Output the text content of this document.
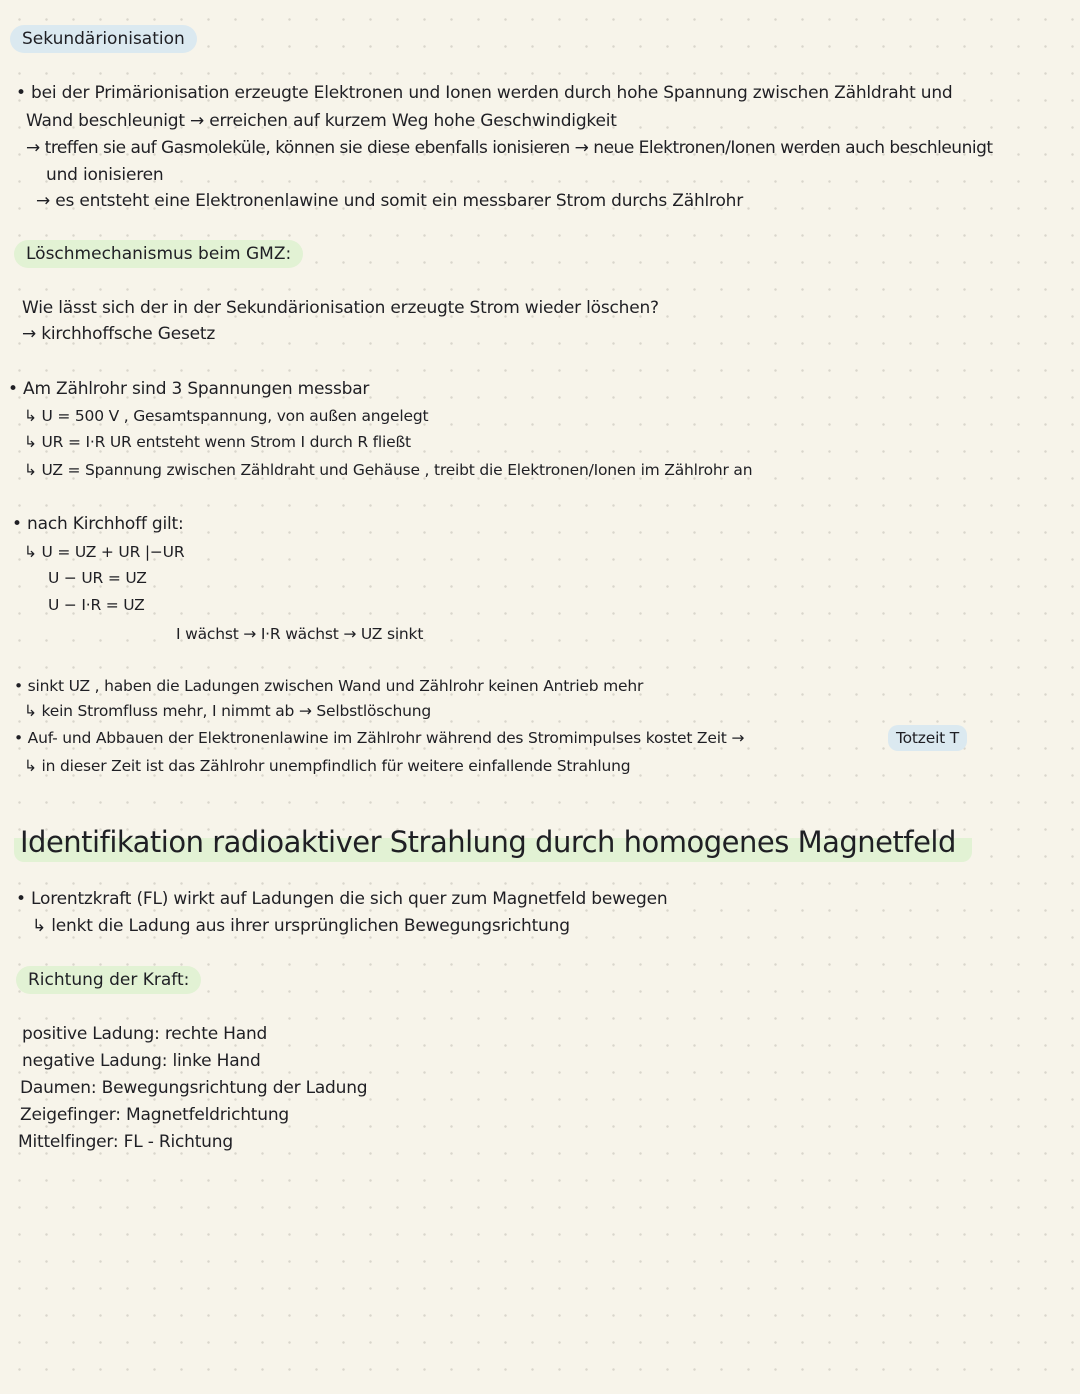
Sekundärionisation
• bei der Primärionisation erzeugte Elektronen und Ionen werden durch hohe Spannung zwischen Zähldraht und
Wand beschleunigt → erreichen auf kurzem Weg hohe Geschwindigkeit
→ treffen sie auf Gasmoleküle, können sie diese ebenfalls ionisieren → neue Elektronen/Ionen werden auch beschleunigt
und ionisieren
→ es entsteht eine Elektronenlawine und somit ein messbarer Strom durchs Zählrohr
Löschmechanismus beim GMZ:
Wie lässt sich der in der Sekundärionisation erzeugte Strom wieder löschen?
→ kirchhoffsche Gesetz
• Am Zählrohr sind 3 Spannungen messbar
↳ U = 500 V , Gesamtspannung, von außen angelegt
↳ UR = I·R UR entsteht wenn Strom I durch R fließt
↳ UZ = Spannung zwischen Zähldraht und Gehäuse , treibt die Elektronen/Ionen im Zählrohr an
• nach Kirchhoff gilt:
↳ U = UZ + UR |−UR
U − UR = UZ
U − I·R = UZ
I wächst → I·R wächst → UZ sinkt
• sinkt UZ , haben die Ladungen zwischen Wand und Zählrohr keinen Antrieb mehr
↳ kein Stromfluss mehr, I nimmt ab → Selbstlöschung
• Auf- und Abbauen der Elektronenlawine im Zählrohr während des Stromimpulses kostet Zeit →	Totzeit T
↳ in dieser Zeit ist das Zählrohr unempfindlich für weitere einfallende Strahlung
Identifikation radioaktiver Strahlung durch homogenes Magnetfeld
• Lorentzkraft (FL) wirkt auf Ladungen die sich quer zum Magnetfeld bewegen
↳ lenkt die Ladung aus ihrer ursprünglichen Bewegungsrichtung
Richtung der Kraft:
positive Ladung: rechte Hand
negative Ladung: linke Hand
Daumen: Bewegungsrichtung der Ladung
Zeigefinger: Magnetfeldrichtung
Mittelfinger: FL - Richtung
